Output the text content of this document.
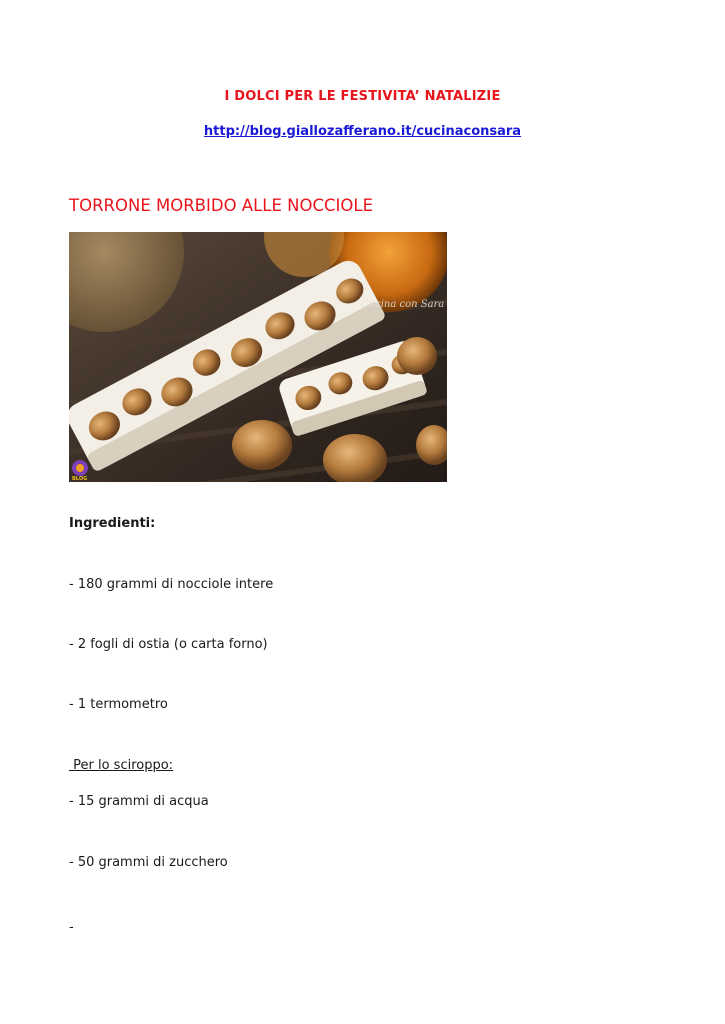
I DOLCI PER LE FESTIVITA’ NATALIZIE
http://blog.giallozafferano.it/cucinaconsara
TORRONE MORBIDO ALLE NOCCIOLE
Cucina con Sara
BLOG
Ingredienti:
- 180 grammi di nocciole intere
- 2 fogli di ostia (o carta forno)
- 1 termometro
Per lo sciroppo:
- 15 grammi di acqua
- 50 grammi di zucchero
-
